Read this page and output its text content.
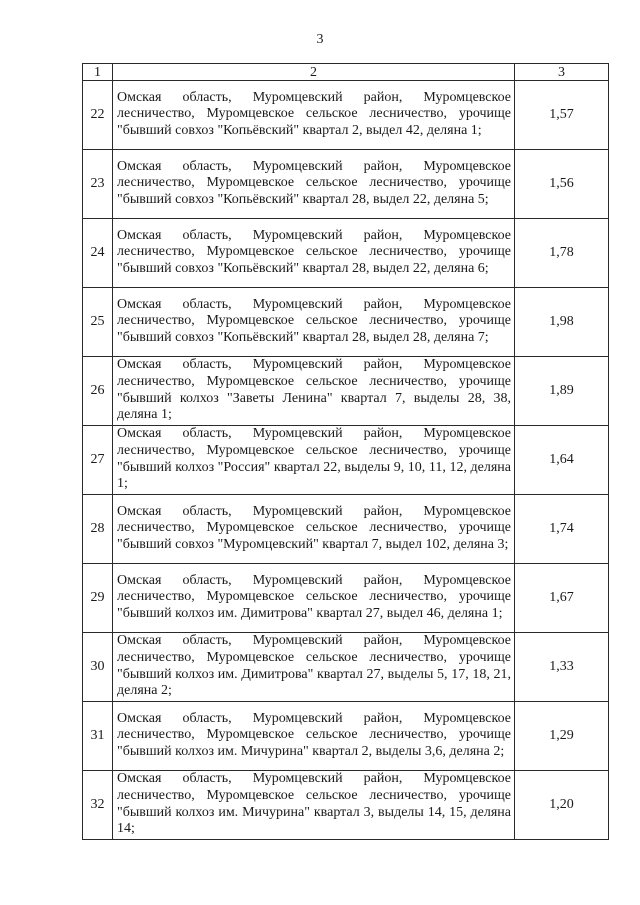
3
1	2	3
22	Омская область, Муромцевский район, Муромцевское лесничество, Муромцевское сельское лесничество, урочище "бывший совхоз "Копьёвский" квартал 2, выдел 42, деляна 1;	1,57
23	Омская область, Муромцевский район, Муромцевское лесничество, Муромцевское сельское лесничество, урочище "бывший совхоз "Копьёвский" квартал 28, выдел 22, деляна 5;	1,56
24	Омская область, Муромцевский район, Муромцевское лесничество, Муромцевское сельское лесничество, урочище "бывший совхоз "Копьёвский" квартал 28, выдел 22, деляна 6;	1,78
25	Омская область, Муромцевский район, Муромцевское лесничество, Муромцевское сельское лесничество, урочище "бывший совхоз "Копьёвский" квартал 28, выдел 28, деляна 7;	1,98
26	Омская область, Муромцевский район, Муромцевское лесничество, Муромцевское сельское лесничество, урочище "бывший колхоз "Заветы Ленина" квартал 7, выделы 28, 38, деляна 1;	1,89
27	Омская область, Муромцевский район, Муромцевское лесничество, Муромцевское сельское лесничество, урочище "бывший колхоз "Россия" квартал 22, выделы 9, 10, 11, 12, деляна 1;	1,64
28	Омская область, Муромцевский район, Муромцевское лесничество, Муромцевское сельское лесничество, урочище "бывший совхоз "Муромцевский" квартал 7, выдел 102, деляна 3;	1,74
29	Омская область, Муромцевский район, Муромцевское лесничество, Муромцевское сельское лесничество, урочище "бывший колхоз им. Димитрова" квартал 27, выдел 46, деляна 1;	1,67
30	Омская область, Муромцевский район, Муромцевское лесничество, Муромцевское сельское лесничество, урочище "бывший колхоз им. Димитрова" квартал 27, выделы 5, 17, 18, 21, деляна 2;	1,33
31	Омская область, Муромцевский район, Муромцевское лесничество, Муромцевское сельское лесничество, урочище "бывший колхоз им. Мичурина" квартал 2, выделы 3,6, деляна 2;	1,29
32	Омская область, Муромцевский район, Муромцевское лесничество, Муромцевское сельское лесничество, урочище "бывший колхоз им. Мичурина" квартал 3, выделы 14, 15, деляна 14;	1,20
